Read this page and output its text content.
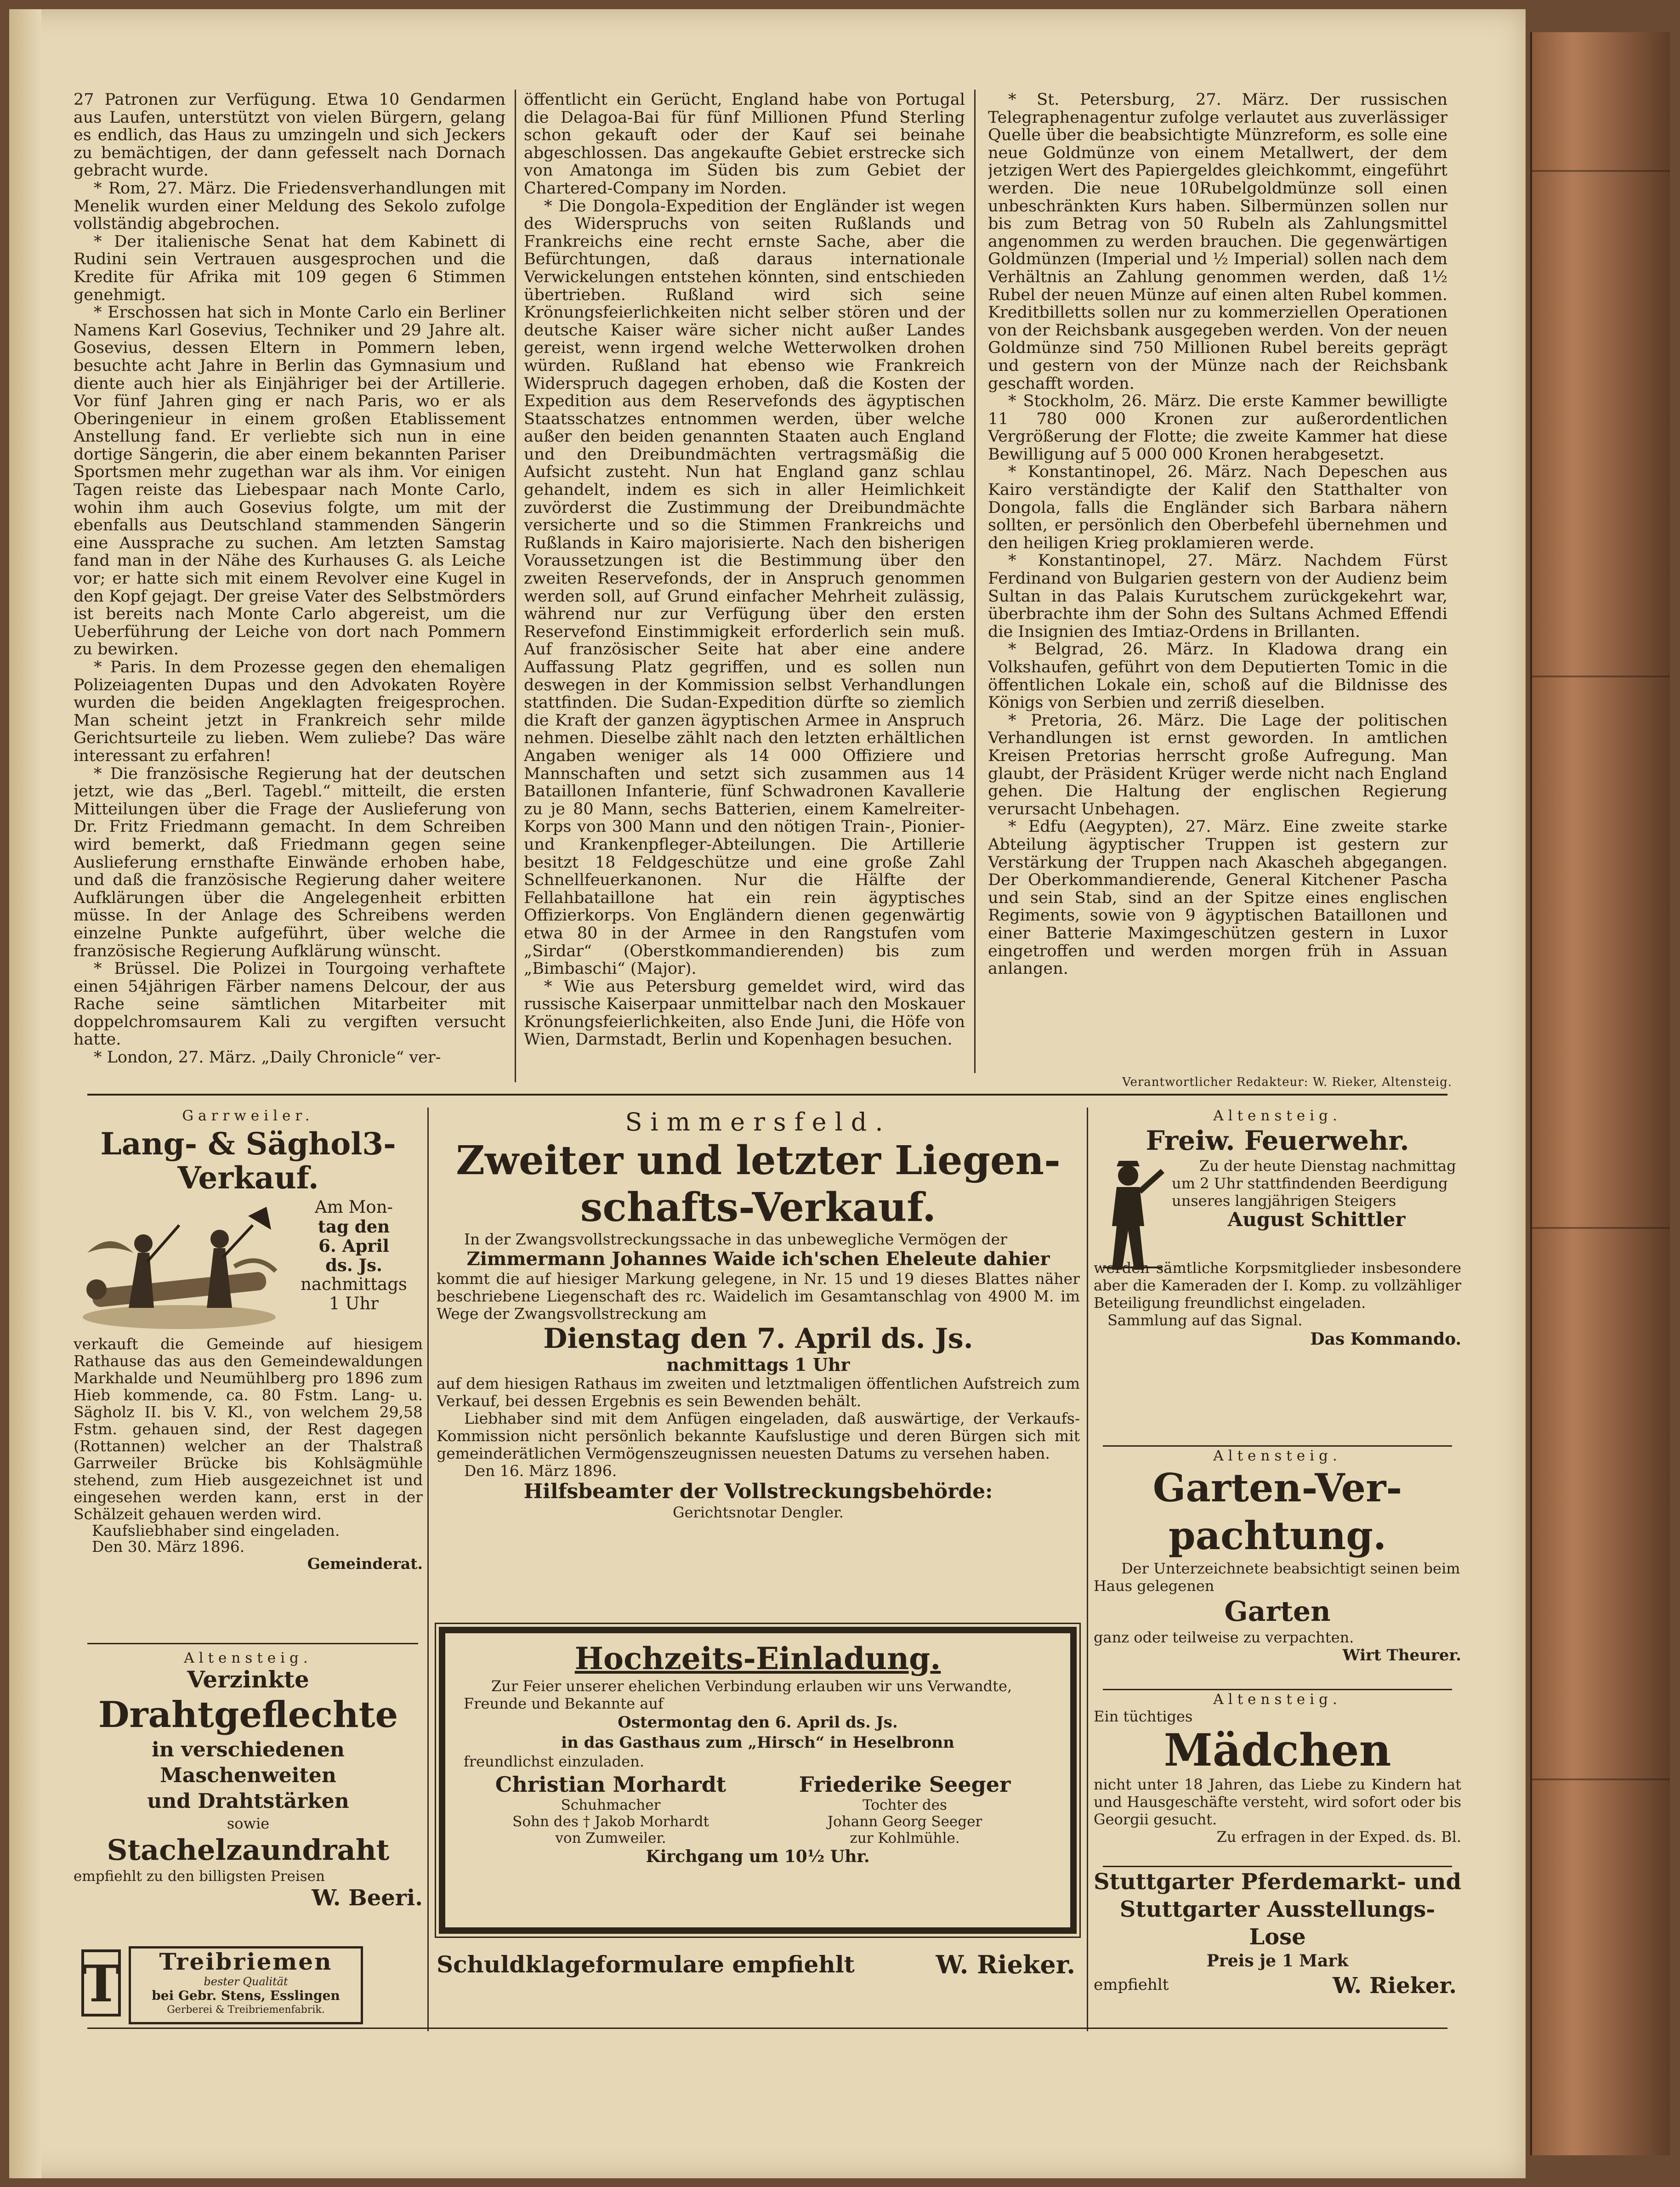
27 Patronen zur Verfügung. Etwa 10 Gendarmen aus Laufen, unterstützt von vielen Bürgern, gelang es endlich, das Haus zu umzingeln und sich Jeckers zu bemächtigen, der dann gefesselt nach Dornach gebracht wurde.

* Rom, 27. März. Die Friedensverhandlungen mit Menelik wurden einer Meldung des Sekolo zufolge vollständig abgebrochen.

* Der italienische Senat hat dem Kabinett di Rudini sein Vertrauen ausgesprochen und die Kredite für Afrika mit 109 gegen 6 Stimmen genehmigt.

* Erschossen hat sich in Monte Carlo ein Berliner Namens Karl Gosevius, Techniker und 29 Jahre alt. Gosevius, dessen Eltern in Pommern leben, besuchte acht Jahre in Berlin das Gymnasium und diente auch hier als Einjähriger bei der Artillerie. Vor fünf Jahren ging er nach Paris, wo er als Oberingenieur in einem großen Etablissement Anstellung fand. Er verliebte sich nun in eine dortige Sängerin, die aber einem bekannten Pariser Sportsmen mehr zugethan war als ihm. Vor einigen Tagen reiste das Liebespaar nach Monte Carlo, wohin ihm auch Gosevius folgte, um mit der ebenfalls aus Deutschland stammenden Sängerin eine Aussprache zu suchen. Am letzten Samstag fand man in der Nähe des Kurhauses G. als Leiche vor; er hatte sich mit einem Revolver eine Kugel in den Kopf gejagt. Der greise Vater des Selbstmörders ist bereits nach Monte Carlo abgereist, um die Ueberführung der Leiche von dort nach Pommern zu bewirken.

* Paris. In dem Prozesse gegen den ehemaligen Polizeiagenten Dupas und den Advokaten Royère wurden die beiden Angeklagten freigesprochen. Man scheint jetzt in Frankreich sehr milde Gerichtsurteile zu lieben. Wem zuliebe? Das wäre interessant zu erfahren!

* Die französische Regierung hat der deutschen jetzt, wie das „Berl. Tagebl.“ mitteilt, die ersten Mitteilungen über die Frage der Auslieferung von Dr. Fritz Friedmann gemacht. In dem Schreiben wird bemerkt, daß Friedmann gegen seine Auslieferung ernsthafte Einwände erhoben habe, und daß die französische Regierung daher weitere Aufklärungen über die Angelegenheit erbitten müsse. In der Anlage des Schreibens werden einzelne Punkte aufgeführt, über welche die französische Regierung Aufklärung wünscht.

* Brüssel. Die Polizei in Tourgoing verhaftete einen 54jährigen Färber namens Delcour, der aus Rache seine sämtlichen Mitarbeiter mit doppelchromsaurem Kali zu vergiften versucht hatte.

* London, 27. März. „Daily Chronicle“ ver-

öffentlicht ein Gerücht, England habe von Portugal die Delagoa-Bai für fünf Millionen Pfund Sterling schon gekauft oder der Kauf sei beinahe abgeschlossen. Das angekaufte Gebiet erstrecke sich von Amatonga im Süden bis zum Gebiet der Chartered-Company im Norden.

* Die Dongola-Expedition der Engländer ist wegen des Widerspruchs von seiten Rußlands und Frankreichs eine recht ernste Sache, aber die Befürchtungen, daß daraus internationale Verwickelungen entstehen könnten, sind entschieden übertrieben. Rußland wird sich seine Krönungsfeierlichkeiten nicht selber stören und der deutsche Kaiser wäre sicher nicht außer Landes gereist, wenn irgend welche Wetterwolken drohen würden. Rußland hat ebenso wie Frankreich Widerspruch dagegen erhoben, daß die Kosten der Expedition aus dem Reservefonds des ägyptischen Staatsschatzes entnommen werden, über welche außer den beiden genannten Staaten auch England und den Dreibundmächten vertragsmäßig die Aufsicht zusteht. Nun hat England ganz schlau gehandelt, indem es sich in aller Heimlichkeit zuvörderst die Zustimmung der Dreibundmächte versicherte und so die Stimmen Frankreichs und Rußlands in Kairo majorisierte. Nach den bisherigen Voraussetzungen ist die Bestimmung über den zweiten Reservefonds, der in Anspruch genommen werden soll, auf Grund einfacher Mehrheit zulässig, während nur zur Verfügung über den ersten Reservefond Einstimmigkeit erforderlich sein muß. Auf französischer Seite hat aber eine andere Auffassung Platz gegriffen, und es sollen nun deswegen in der Kommission selbst Verhandlungen stattfinden. Die Sudan-Expedition dürfte so ziemlich die Kraft der ganzen ägyptischen Armee in Anspruch nehmen. Dieselbe zählt nach den letzten erhältlichen Angaben weniger als 14 000 Offiziere und Mannschaften und setzt sich zusammen aus 14 Bataillonen Infanterie, fünf Schwadronen Kavallerie zu je 80 Mann, sechs Batterien, einem Kamelreiter-Korps von 300 Mann und den nötigen Train-, Pionier- und Krankenpfleger-Abteilungen. Die Artillerie besitzt 18 Feldgeschütze und eine große Zahl Schnellfeuerkanonen. Nur die Hälfte der Fellahbataillone hat ein rein ägyptisches Offizierkorps. Von Engländern dienen gegenwärtig etwa 80 in der Armee in den Rangstufen vom „Sirdar“ (Oberstkommandierenden) bis zum „Bimbaschi“ (Major).

* Wie aus Petersburg gemeldet wird, wird das russische Kaiserpaar unmittelbar nach den Moskauer Krönungsfeierlichkeiten, also Ende Juni, die Höfe von Wien, Darmstadt, Berlin und Kopenhagen besuchen.

* St. Petersburg, 27. März. Der russischen Telegraphenagentur zufolge verlautet aus zuverlässiger Quelle über die beabsichtigte Münzreform, es solle eine neue Goldmünze von einem Metallwert, der dem jetzigen Wert des Papiergeldes gleichkommt, eingeführt werden. Die neue 10Rubelgoldmünze soll einen unbeschränkten Kurs haben. Silbermünzen sollen nur bis zum Betrag von 50 Rubeln als Zahlungsmittel angenommen zu werden brauchen. Die gegenwärtigen Goldmünzen (Imperial und ½ Imperial) sollen nach dem Verhältnis an Zahlung genommen werden, daß 1½ Rubel der neuen Münze auf einen alten Rubel kommen. Kreditbilletts sollen nur zu kommerziellen Operationen von der Reichsbank ausgegeben werden. Von der neuen Goldmünze sind 750 Millionen Rubel bereits geprägt und gestern von der Münze nach der Reichsbank geschafft worden.

* Stockholm, 26. März. Die erste Kammer bewilligte 11 780 000 Kronen zur außerordentlichen Vergrößerung der Flotte; die zweite Kammer hat diese Bewilligung auf 5 000 000 Kronen herabgesetzt.

* Konstantinopel, 26. März. Nach Depeschen aus Kairo verständigte der Kalif den Statthalter von Dongola, falls die Engländer sich Barbara nähern sollten, er persönlich den Oberbefehl übernehmen und den heiligen Krieg proklamieren werde.

* Konstantinopel, 27. März. Nachdem Fürst Ferdinand von Bulgarien gestern von der Audienz beim Sultan in das Palais Kurutschem zurückgekehrt war, überbrachte ihm der Sohn des Sultans Achmed Effendi die Insignien des Imtiaz-Ordens in Brillanten.

* Belgrad, 26. März. In Kladowa drang ein Volkshaufen, geführt von dem Deputierten Tomic in die öffentlichen Lokale ein, schoß auf die Bildnisse des Königs von Serbien und zerriß dieselben.

* Pretoria, 26. März. Die Lage der politischen Verhandlungen ist ernst geworden. In amtlichen Kreisen Pretorias herrscht große Aufregung. Man glaubt, der Präsident Krüger werde nicht nach England gehen. Die Haltung der englischen Regierung verursacht Unbehagen.

* Edfu (Aegypten), 27. März. Eine zweite starke Abteilung ägyptischer Truppen ist gestern zur Verstärkung der Truppen nach Akascheh abgegangen. Der Oberkommandierende, General Kitchener Pascha und sein Stab, sind an der Spitze eines englischen Regiments, sowie von 9 ägyptischen Bataillonen und einer Batterie Maximgeschützen gestern in Luxor eingetroffen und werden morgen früh in Assuan anlangen.

Verantwortlicher Redakteur: W. Rieker, Altensteig.

Garrweiler.

Lang- & Säghol3-
Verkauf.
Am Mon-
tag den
6. April
ds. Js.
nachmittags
1 Uhr
verkauft die Gemeinde auf hiesigem Rathause das aus den Gemeindewaldungen Markhalde und Neumühlberg pro 1896 zum Hieb kommende, ca. 80 Fstm. Lang- u. Sägholz II. bis V. Kl., von welchem 29,58 Fstm. gehauen sind, der Rest dagegen (Rottannen) welcher an der Thalstraß Garrweiler Brücke bis Kohlsägmühle stehend, zum Hieb ausgezeichnet ist und eingesehen werden kann, erst in der Schälzeit gehauen werden wird.
Kaufsliebhaber sind eingeladen.
Den 30. März 1896.
Gemeinderat.

Altensteig.

Verzinkte
Drahtgeflechte
in verschiedenen Maschenweiten
und Drahtstärken
sowie
Stachelzaundraht
empfiehlt zu den billigsten Preisen
W. Beeri.
Treibriemen
bester Qualität
bei Gebr. Stens, Esslingen
Gerberei & Treibriemenfabrik.
T
Simmersfeld.
Zweiter und letzter Liegen-
schafts-Verkauf.
In der Zwangsvollstreckungssache in das unbewegliche Vermögen der
Zimmermann Johannes Waide ich'schen Eheleute dahier
kommt die auf hiesiger Markung gelegene, in Nr. 15 und 19 dieses Blattes näher beschriebene Liegenschaft des rc. Waidelich im Gesamtanschlag von 4900 M. im Wege der Zwangsvollstreckung am
Dienstag den 7. April ds. Js.
nachmittags 1 Uhr
auf dem hiesigen Rathaus im zweiten und letztmaligen öffentlichen Aufstreich zum Verkauf, bei dessen Ergebnis es sein Bewenden behält.
Liebhaber sind mit dem Anfügen eingeladen, daß auswärtige, der Verkaufs-Kommission nicht persönlich bekannte Kaufslustige und deren Bürgen sich mit gemeinderätlichen Vermögenszeugnissen neuesten Datums zu versehen haben.
Den 16. März 1896.
Hilfsbeamter der Vollstreckungsbehörde:
Gerichtsnotar Dengler.
Hochzeits-Einladung.
Zur Feier unserer ehelichen Verbindung erlauben wir uns Verwandte, Freunde und Bekannte auf
Ostermontag den 6. April ds. Js.
in das Gasthaus zum „Hirsch“ in Heselbronn
freundlichst einzuladen.
Christian Morhardt
Schuhmacher
Sohn des † Jakob Morhardt
von Zumweiler.
Friederike Seeger
Tochter des
Johann Georg Seeger
zur Kohlmühle.
Kirchgang um 10½ Uhr.
Schuldklageformulare empfiehlt	W. Rieker.

Altensteig.

Freiw. Feuerwehr.
Zu der heute Dienstag nachmittag um 2 Uhr stattfindenden Beerdigung unseres langjährigen Steigers
August Schittler
werden sämtliche Korpsmitglieder insbesondere aber die Kameraden der I. Komp. zu vollzähliger Beteiligung freundlichst eingeladen.
Sammlung auf das Signal.
Das Kommando.

Altensteig.

Garten-Ver-
pachtung.
Der Unterzeichnete beabsichtigt seinen beim Haus gelegenen
Garten
ganz oder teilweise zu verpachten.
Wirt Theurer.

Altensteig.

Ein tüchtiges
Mädchen
nicht unter 18 Jahren, das Liebe zu Kindern hat und Hausgeschäfte versteht, wird sofort oder bis Georgii gesucht.
Zu erfragen in der Exped. ds. Bl.
Stuttgarter Pferdemarkt- und
Stuttgarter Ausstellungs-Lose
Preis je 1 Mark
empfiehlt	W. Rieker.
